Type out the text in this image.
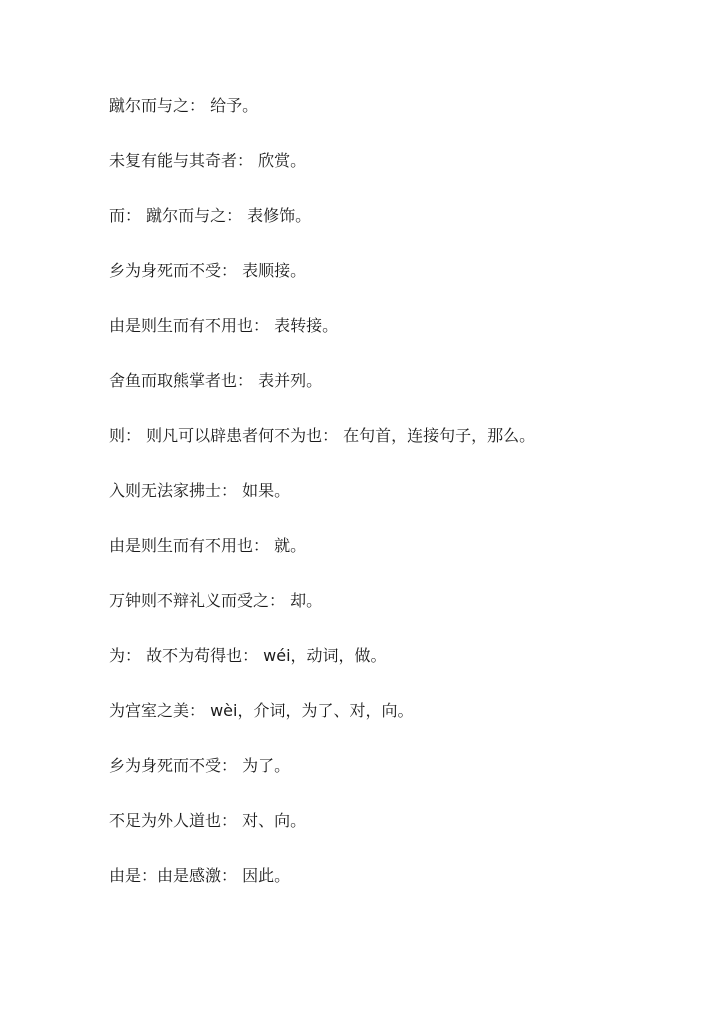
蹴尔而与之： 给予。
未复有能与其奇者： 欣赏。
而： 蹴尔而与之： 表修饰。
乡为身死而不受： 表顺接。
由是则生而有不用也： 表转接。
舍鱼而取熊掌者也： 表并列。
则： 则凡可以辟患者何不为也： 在句首，连接句子，那么。
入则无法家拂士： 如果。
由是则生而有不用也： 就。
万钟则不辩礼义而受之： 却。
为： 故不为苟得也： wéi，动词，做。
为宫室之美： wèi，介词，为了、对，向。
乡为身死而不受： 为了。
不足为外人道也： 对、向。
由是：由是感激： 因此。
